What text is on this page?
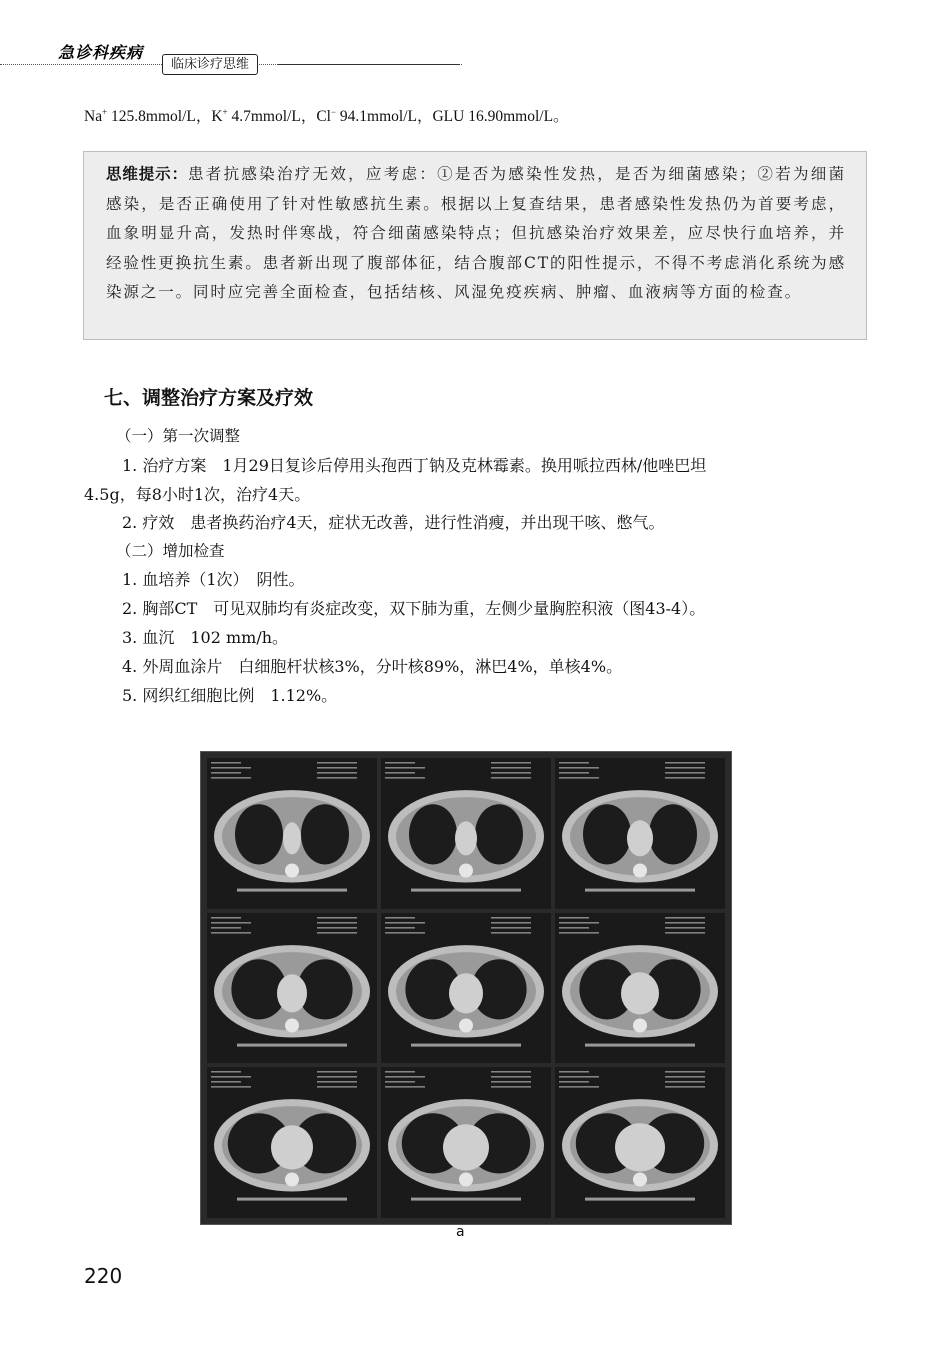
急诊科疾病
临床诊疗思维
Na+ 125.8mmol/L，K+ 4.7mmol/L，Cl− 94.1mmol/L，GLU 16.90mmol/L。

思维提示：患者抗感染治疗无效，应考虑：①是否为感染性发热，是否为细菌感染；②若为细菌感染，是否正确使用了针对性敏感抗生素。根据以上复查结果，患者感染性发热仍为首要考虑，血象明显升高，发热时伴寒战，符合细菌感染特点；但抗感染治疗效果差，应尽快行血培养，并经验性更换抗生素。患者新出现了腹部体征，结合腹部CT的阳性提示，不得不考虑消化系统为感染源之一。同时应完善全面检查，包括结核、风湿免疫疾病、肿瘤、血液病等方面的检查。

七、调整治疗方案及疗效
（一）第一次调整
1. 治疗方案　1月29日复诊后停用头孢西丁钠及克林霉素。换用哌拉西林/他唑巴坦
4.5g，每8小时1次，治疗4天。
2. 疗效　患者换药治疗4天，症状无改善，进行性消瘦，并出现干咳、憋气。
（二）增加检查
1. 血培养（1次）　阴性。
2. 胸部CT　可见双肺均有炎症改变，双下肺为重，左侧少量胸腔积液（图43-4）。
3. 血沉　102 mm/h。
4. 外周血涂片　白细胞杆状核3%，分叶核89%，淋巴4%，单核4%。
5. 网织红细胞比例　1.12%。
a
220
